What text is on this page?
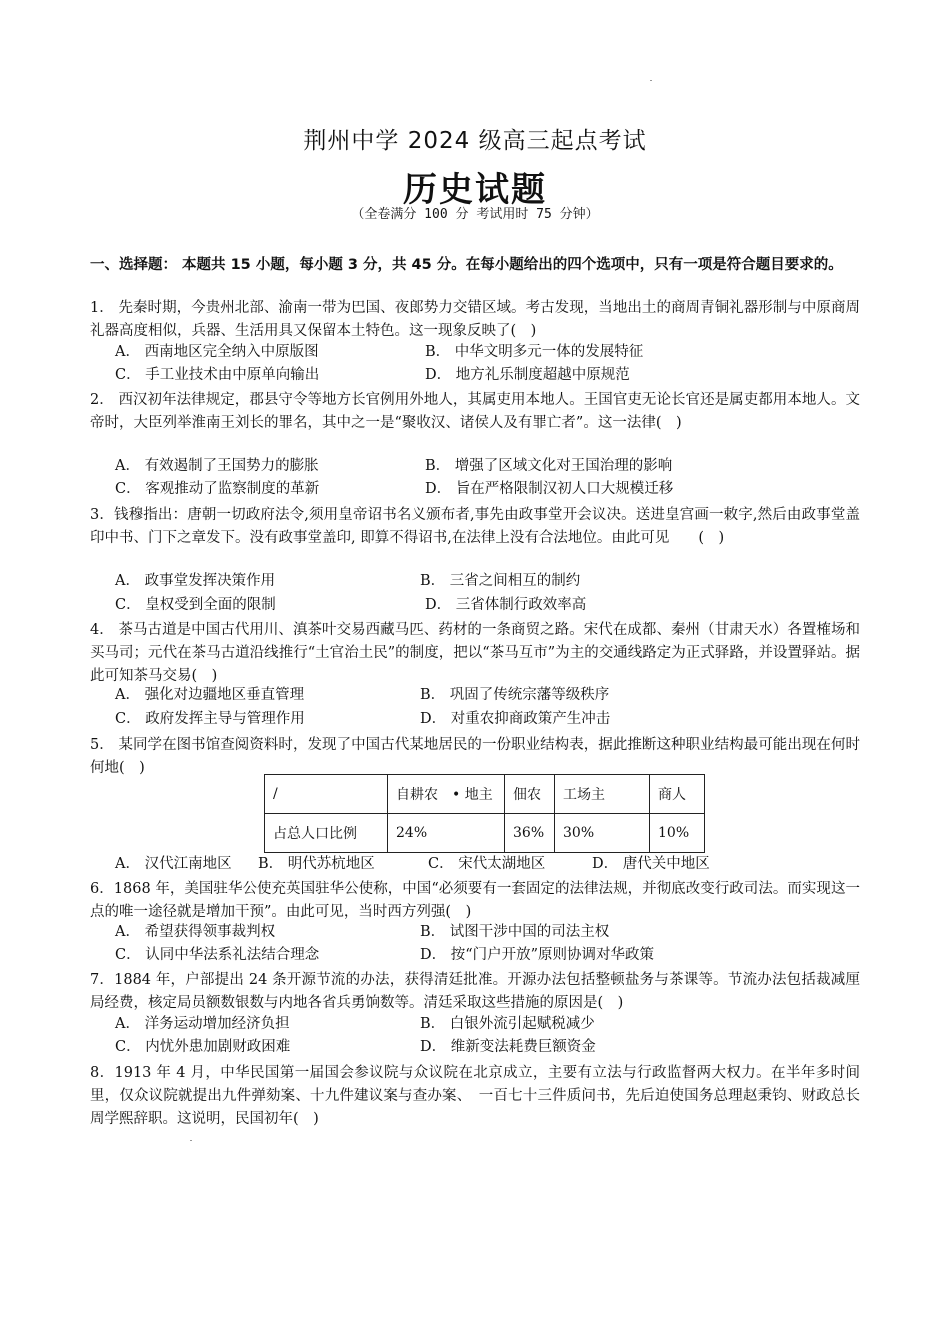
荆州中学 2024 级高三起点考试
历史试题
（全卷满分 100 分 考试用时 75 分钟）
一、选择题： 本题共 15 小题，每小题 3 分，共 45 分。在每小题给出的四个选项中，只有一项是符合题目要求的。
1． 先秦时期，今贵州北部、渝南一带为巴国、夜郎势力交错区域。考古发现，当地出土的商周青铜礼器形制与中原商周礼器高度相似，兵器、生活用具又保留本土特色。这一现象反映了(　)
A． 西南地区完全纳入中原版图	B． 中华文明多元一体的发展特征
C． 手工业技术由中原单向输出	D． 地方礼乐制度超越中原规范
2． 西汉初年法律规定，郡县守令等地方长官例用外地人，其属吏用本地人。王国官吏无论长官还是属吏都用本地人。文帝时，大臣列举淮南王刘长的罪名，其中之一是“聚收汉、诸侯人及有罪亡者”。这一法律(　)
A． 有效遏制了王国势力的膨胀	B． 增强了区域文化对王国治理的影响
C． 客观推动了监察制度的革新	D． 旨在严格限制汉初人口大规模迁移
3．钱穆指出：唐朝一切政府法令,须用皇帝诏书名义颁布者,事先由政事堂开会议决。送进皇宫画一敕字,然后由政事堂盖印中书、门下之章发下。没有政事堂盖印, 即算不得诏书,在法律上没有合法地位。由此可见　　(　)
A． 政事堂发挥决策作用	B． 三省之间相互的制约
C． 皇权受到全面的限制	D． 三省体制行政效率高
4． 茶马古道是中国古代用川、滇茶叶交易西藏马匹、药材的一条商贸之路。宋代在成都、秦州（甘肃天水）各置榷场和买马司；元代在茶马古道沿线推行“土官治土民”的制度，把以“茶马互市”为主的交通线路定为正式驿路，并设置驿站。据此可知茶马交易(　)
A． 强化对边疆地区垂直管理	B． 巩固了传统宗藩等级秩序
C． 政府发挥主导与管理作用	D． 对重农抑商政策产生冲击
5． 某同学在图书馆查阅资料时，发现了中国古代某地居民的一份职业结构表，据此推断这种职业结构最可能出现在何时何地(　)
/	自耕农　• 地主	佃农	工场主	商人
占总人口比例	24%	36%	30%	10%
A． 汉代江南地区 B． 明代苏杭地区	C． 宋代太湖地区	D． 唐代关中地区
6．1868 年，美国驻华公使充英国驻华公使称，中国“必须要有一套固定的法律法规，并彻底改变行政司法。而实现这一点的唯一途径就是增加干预”。由此可见，当时西方列强(　)
A． 希望获得领事裁判权	B． 试图干涉中国的司法主权
C． 认同中华法系礼法结合理念	D． 按“门户开放”原则协调对华政策
7．1884 年，户部提出 24 条开源节流的办法，获得清廷批准。开源办法包括整顿盐务与茶课等。节流办法包括裁减厘局经费，核定局员额数银数与内地各省兵勇饷数等。清廷采取这些措施的原因是(　)
A． 洋务运动增加经济负担	B． 白银外流引起赋税减少
C． 内忧外患加剧财政困难	D． 维新变法耗费巨额资金
8．1913 年 4 月，中华民国第一届国会参议院与众议院在北京成立，主要有立法与行政监督两大权力。在半年多时间里，仅众议院就提出九件弹劾案、十九件建议案与查办案、　一百七十三件质问书，先后迫使国务总理赵秉钧、财政总长周学熙辞职。这说明，民国初年(　)
